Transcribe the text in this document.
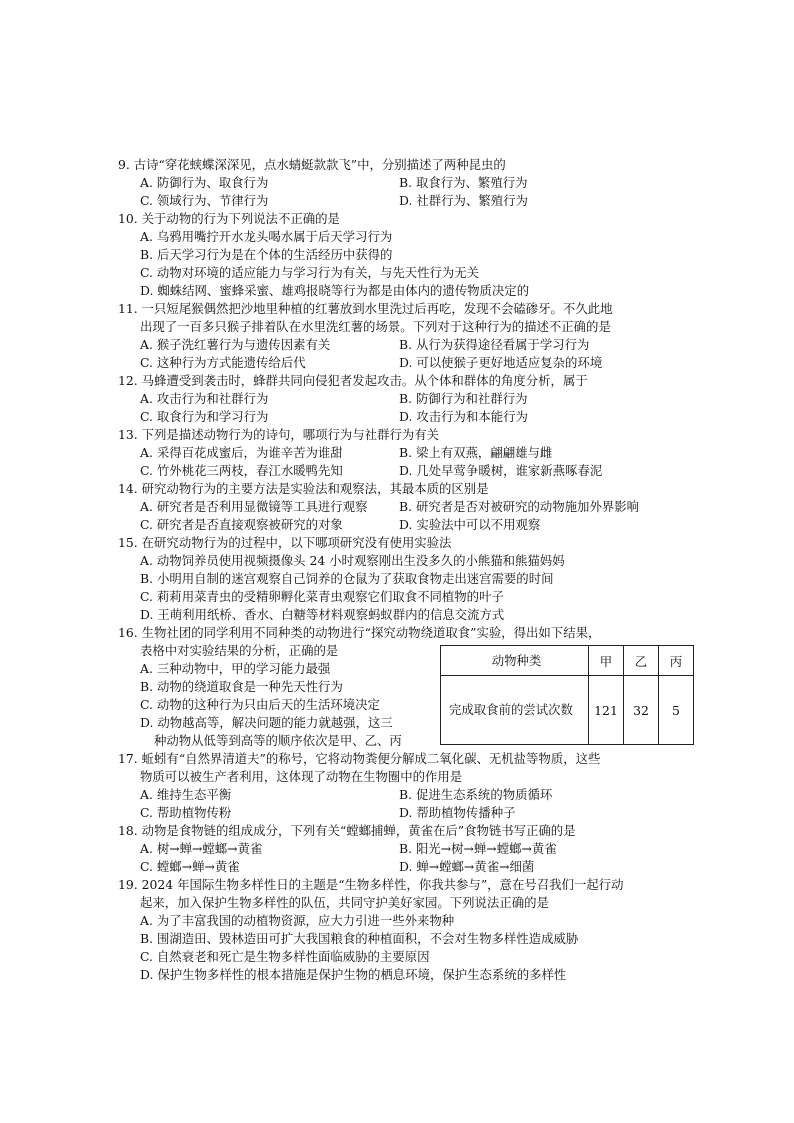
9. 古诗“穿花蛱蝶深深见，点水蜻蜓款款飞”中，分别描述了两种昆虫的
A. 防御行为、取食行为	B. 取食行为、繁殖行为
C. 领域行为、节律行为	D. 社群行为、繁殖行为
10. 关于动物的行为下列说法不正确的是
A. 乌鸦用嘴拧开水龙头喝水属于后天学习行为
B. 后天学习行为是在个体的生活经历中获得的
C. 动物对环境的适应能力与学习行为有关，与先天性行为无关
D. 蜘蛛结网、蜜蜂采蜜、雄鸡报晓等行为都是由体内的遗传物质决定的
11. 一只短尾猴偶然把沙地里种植的红薯放到水里洗过后再吃，发现不会磕碜牙。不久此地
出现了一百多只猴子排着队在水里洗红薯的场景。下列对于这种行为的描述不正确的是
A. 猴子洗红薯行为与遗传因素有关	B. 从行为获得途径看属于学习行为
C. 这种行为方式能遗传给后代	D. 可以使猴子更好地适应复杂的环境
12. 马蜂遭受到袭击时，蜂群共同向侵犯者发起攻击。从个体和群体的角度分析，属于
A. 攻击行为和社群行为	B. 防御行为和社群行为
C. 取食行为和学习行为	D. 攻击行为和本能行为
13. 下列是描述动物行为的诗句，哪项行为与社群行为有关
A. 采得百花成蜜后，为谁辛苦为谁甜	B. 梁上有双燕，翩翩雄与雌
C. 竹外桃花三两枝，春江水暖鸭先知	D. 几处早莺争暖树，谁家新燕啄春泥
14. 研究动物行为的主要方法是实验法和观察法，其最本质的区别是
A. 研究者是否利用显微镜等工具进行观察	B. 研究者是否对被研究的动物施加外界影响
C. 研究者是否直接观察被研究的对象	D. 实验法中可以不用观察
15. 在研究动物行为的过程中，以下哪项研究没有使用实验法
A. 动物饲养员使用视频摄像头 24 小时观察刚出生没多久的小熊猫和熊猫妈妈
B. 小明用自制的迷宫观察自己饲养的仓鼠为了获取食物走出迷宫需要的时间
C. 莉莉用菜青虫的受精卵孵化菜青虫观察它们取食不同植物的叶子
D. 王萌利用纸桥、香水、白糖等材料观察蚂蚁群内的信息交流方式
16. 生物社团的同学利用不同种类的动物进行“探究动物绕道取食”实验，得出如下结果，
表格中对实验结果的分析，正确的是
A. 三种动物中，甲的学习能力最强
B. 动物的绕道取食是一种先天性行为
C. 动物的这种行为只由后天的生活环境决定
D. 动物越高等，解决问题的能力就越强，这三
种动物从低等到高等的顺序依次是甲、乙、丙
动物种类	甲	乙	丙
完成取食前的尝试次数	121	32	5
17. 蚯蚓有“自然界清道夫”的称号，它将动物粪便分解成二氧化碳、无机盐等物质，这些
物质可以被生产者利用，这体现了动物在生物圈中的作用是
A. 维持生态平衡	B. 促进生态系统的物质循环
C. 帮助植物传粉	D. 帮助植物传播种子
18. 动物是食物链的组成成分，下列有关“螳螂捕蝉，黄雀在后”食物链书写正确的是
A. 树→蝉→螳螂→黄雀	B. 阳光→树→蝉→螳螂→黄雀
C. 螳螂→蝉→黄雀	D. 蝉→螳螂→黄雀→细菌
19. 2024 年国际生物多样性日的主题是“生物多样性，你我共参与”，意在号召我们一起行动
起来，加入保护生物多样性的队伍，共同守护美好家园。下列说法正确的是
A. 为了丰富我国的动植物资源，应大力引进一些外来物种
B. 围湖造田、毁林造田可扩大我国粮食的种植面积，不会对生物多样性造成威胁
C. 自然衰老和死亡是生物多样性面临威胁的主要原因
D. 保护生物多样性的根本措施是保护生物的栖息环境，保护生态系统的多样性
